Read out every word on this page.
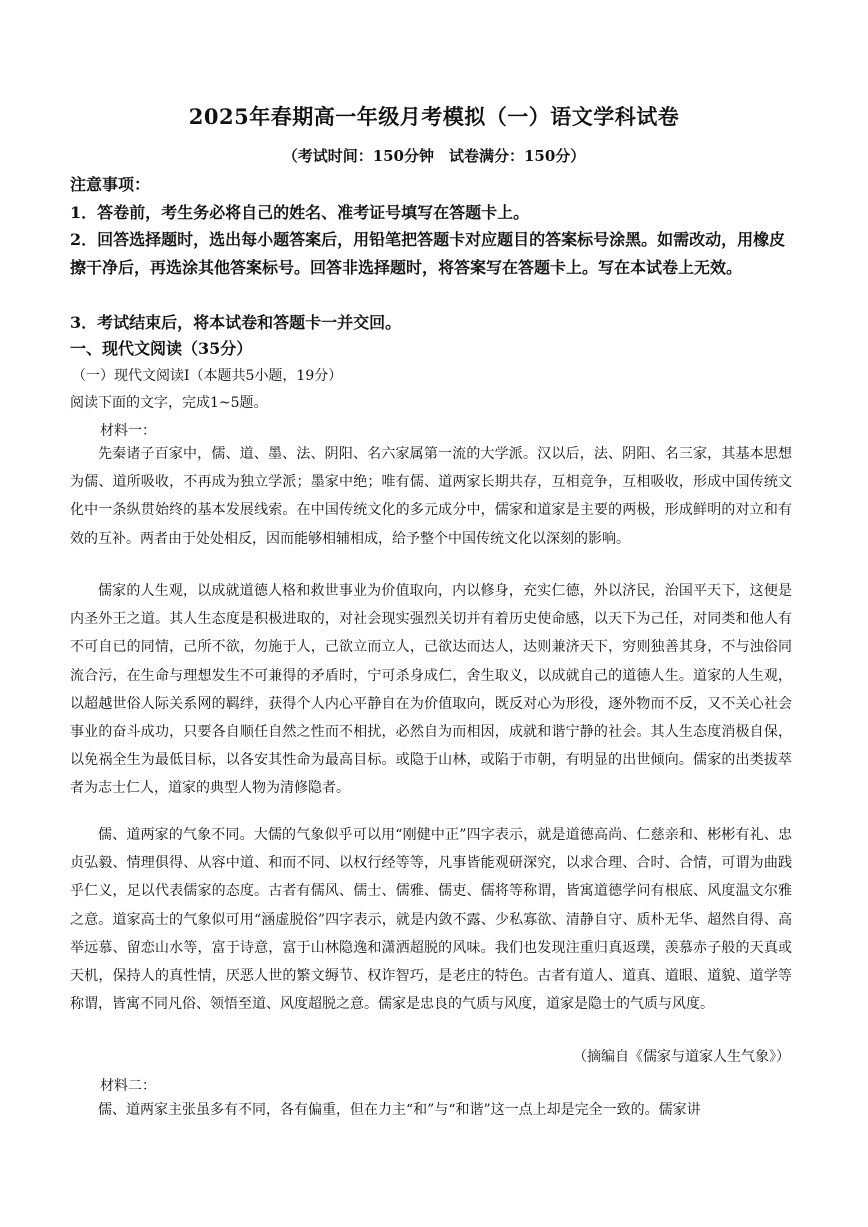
2025年春期高一年级月考模拟（一）语文学科试卷
（考试时间：150分钟　试卷满分：150分）
注意事项：
1．答卷前，考生务必将自己的姓名、准考证号填写在答题卡上。
2．回答选择题时，选出每小题答案后，用铅笔把答题卡对应题目的答案标号涂黑。如需改动，用橡皮擦干净后，再选涂其他答案标号。回答非选择题时，将答案写在答题卡上。写在本试卷上无效。
3．考试结束后，将本试卷和答题卡一并交回。
一、现代文阅读（35分）
（一）现代文阅读Ⅰ（本题共5小题，19分）
阅读下面的文字，完成1~5题。
材料一：

先秦诸子百家中，儒、道、墨、法、阴阳、名六家属第一流的大学派。汉以后，法、阴阳、名三家，其基本思想为儒、道所吸收，不再成为独立学派；墨家中绝；唯有儒、道两家长期共存，互相竞争，互相吸收，形成中国传统文化中一条纵贯始终的基本发展线索。在中国传统文化的多元成分中，儒家和道家是主要的两极，形成鲜明的对立和有效的互补。两者由于处处相反，因而能够相辅相成，给予整个中国传统文化以深刻的影响。

儒家的人生观，以成就道德人格和救世事业为价值取向，内以修身，充实仁德，外以济民，治国平天下，这便是内圣外王之道。其人生态度是积极进取的，对社会现实强烈关切并有着历史使命感，以天下为己任，对同类和他人有不可自已的同情，己所不欲，勿施于人，己欲立而立人，己欲达而达人，达则兼济天下，穷则独善其身，不与浊俗同流合污，在生命与理想发生不可兼得的矛盾时，宁可杀身成仁，舍生取义，以成就自己的道德人生。道家的人生观，以超越世俗人际关系网的羁绊，获得个人内心平静自在为价值取向，既反对心为形役，逐外物而不反，又不关心社会事业的奋斗成功，只要各自顺任自然之性而不相扰，必然自为而相因，成就和谐宁静的社会。其人生态度消极自保，以免祸全生为最低目标，以各安其性命为最高目标。或隐于山林，或陷于市朝，有明显的出世倾向。儒家的出类拔萃者为志士仁人，道家的典型人物为清修隐者。

儒、道两家的气象不同。大儒的气象似乎可以用“刚健中正”四字表示，就是道德高尚、仁慈亲和、彬彬有礼、忠贞弘毅、情理俱得、从容中道、和而不同、以权行经等等，凡事皆能观研深究，以求合理、合时、合情，可谓为曲践乎仁义，足以代表儒家的态度。古者有儒风、儒士、儒雅、儒吏、儒将等称谓，皆寓道德学问有根底、风度温文尔雅之意。道家高士的气象似可用“涵虚脱俗”四字表示，就是内敛不露、少私寡欲、清静自守、质朴无华、超然自得、高举远慕、留恋山水等，富于诗意，富于山林隐逸和潇洒超脱的风味。我们也发现注重归真返璞，羡慕赤子般的天真或天机，保持人的真性情，厌恶人世的繁文缛节、权诈智巧，是老庄的特色。古者有道人、道真、道眼、道貌、道学等称谓，皆寓不同凡俗、领悟至道、风度超脱之意。儒家是忠良的气质与风度，道家是隐士的气质与风度。

（摘编自《儒家与道家人生气象》）
材料二：

儒、道两家主张虽多有不同，各有偏重，但在力主“和”与“和谐”这一点上却是完全一致的。儒家讲
